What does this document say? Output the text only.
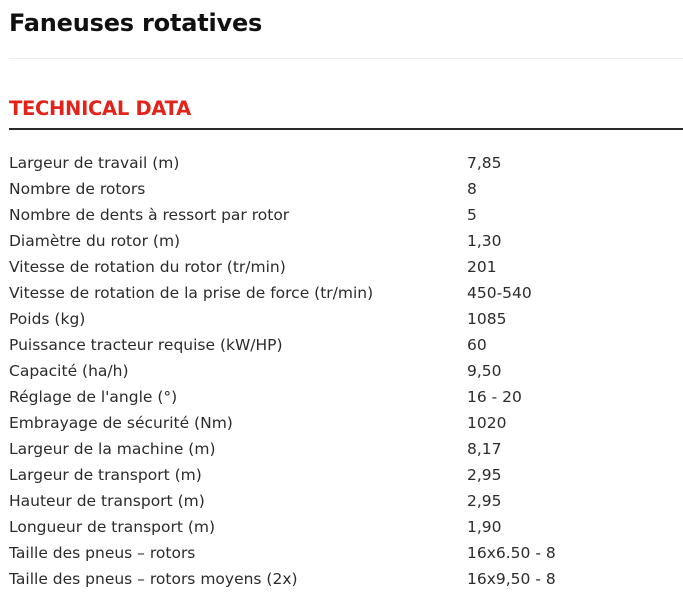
Faneuses rotatives
TECHNICAL DATA
Largeur de travail (m)	7,85
Nombre de rotors	8
Nombre de dents à ressort par rotor	5
Diamètre du rotor (m)	1,30
Vitesse de rotation du rotor (tr/min)	201
Vitesse de rotation de la prise de force (tr/min)	450-540
Poids (kg)	1085
Puissance tracteur requise (kW/HP)	60
Capacité (ha/h)	9,50
Réglage de l'angle (°)	16 - 20
Embrayage de sécurité (Nm)	1020
Largeur de la machine (m)	8,17
Largeur de transport (m)	2,95
Hauteur de transport (m)	2,95
Longueur de transport (m)	1,90
Taille des pneus – rotors	16x6.50 - 8
Taille des pneus – rotors moyens (2x)	16x9,50 - 8
